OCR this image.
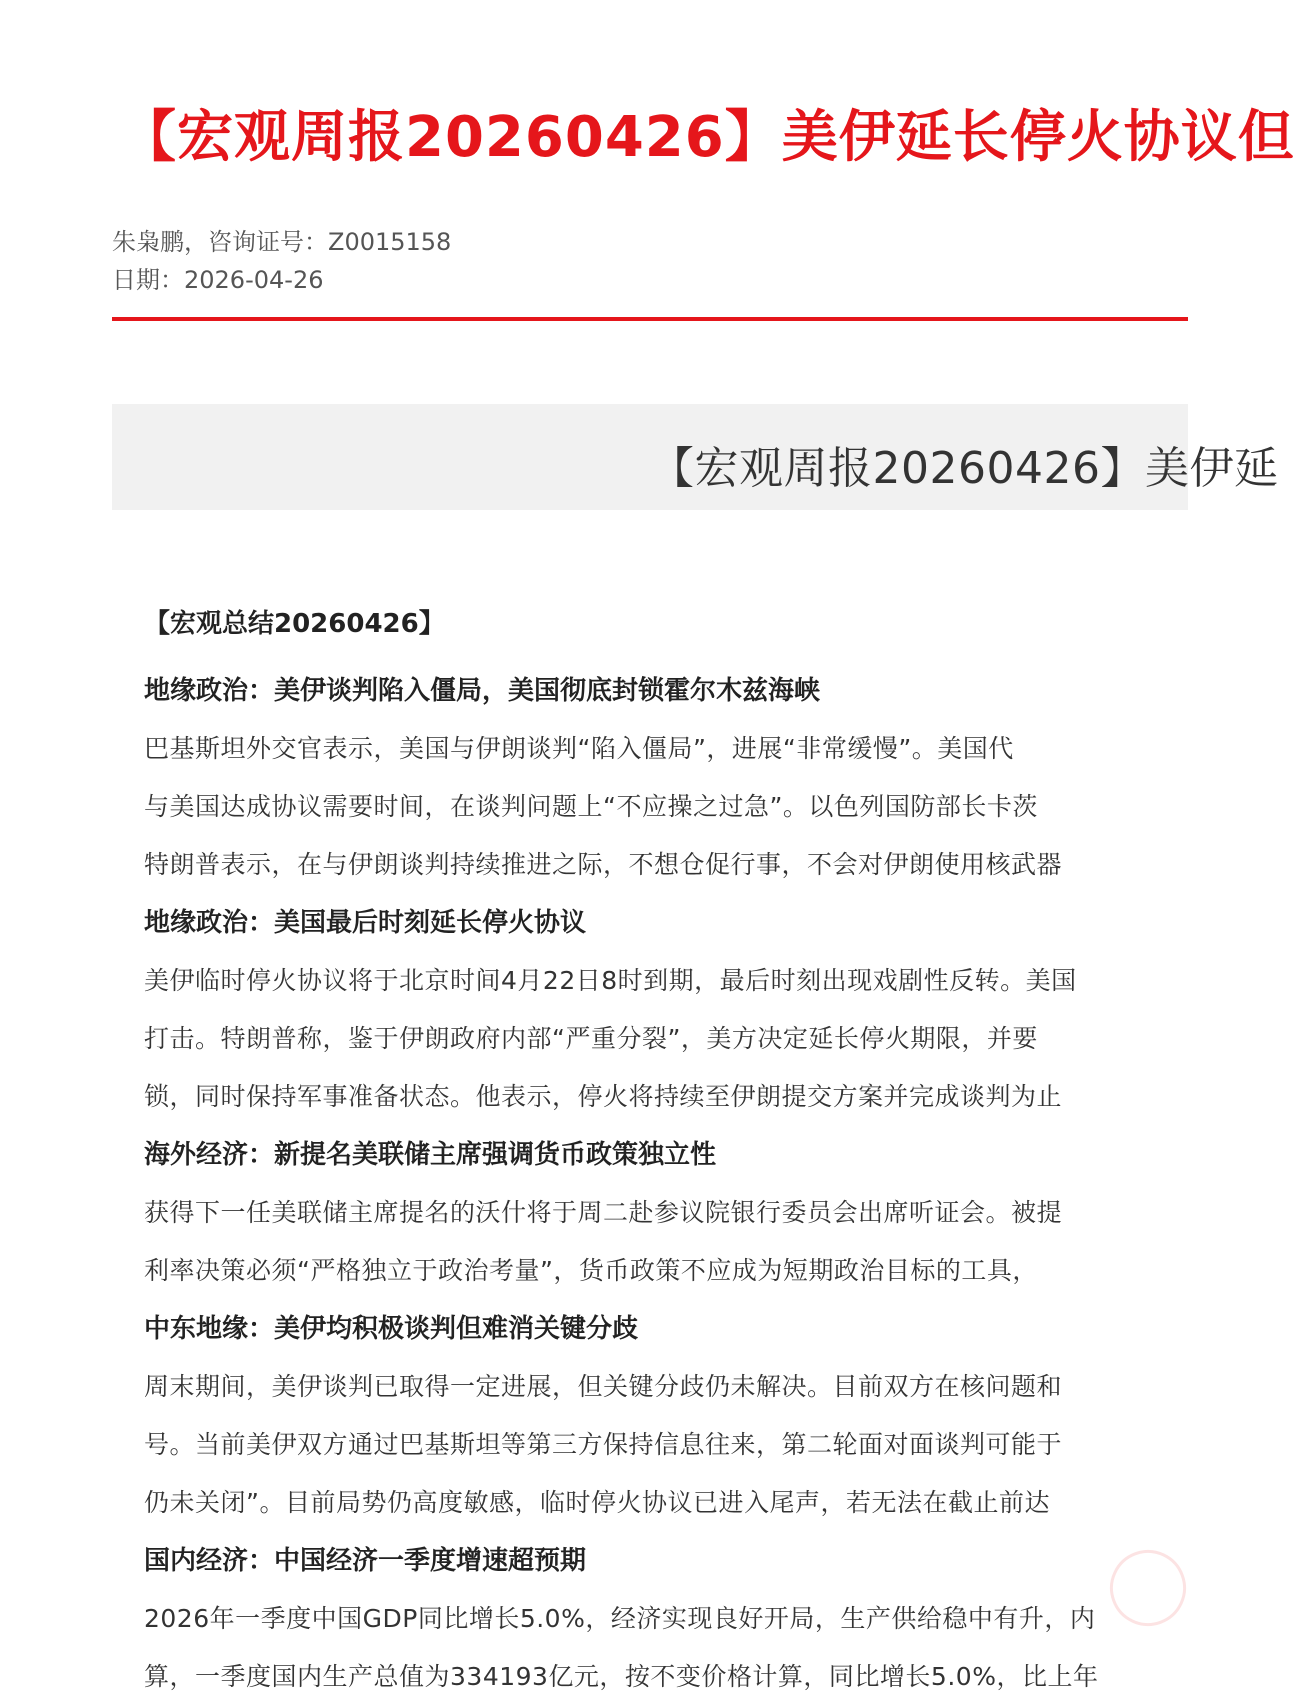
【宏观周报20260426】美伊延长停火协议但
朱枭鹏，咨询证号：Z0015158
日期：2026-04-26
【宏观周报20260426】美伊延
【宏观总结20260426】
地缘政治：美伊谈判陷入僵局，美国彻底封锁霍尔木兹海峡
巴基斯坦外交官表示，美国与伊朗谈判“陷入僵局”，进展“非常缓慢”。美国代
与美国达成协议需要时间，在谈判问题上“不应操之过急”。以色列国防部长卡茨
特朗普表示，在与伊朗谈判持续推进之际，不想仓促行事，不会对伊朗使用核武器
地缘政治：美国最后时刻延长停火协议
美伊临时停火协议将于北京时间4月22日8时到期，最后时刻出现戏剧性反转。美国
打击。特朗普称，鉴于伊朗政府内部“严重分裂”，美方决定延长停火期限，并要
锁，同时保持军事准备状态。他表示，停火将持续至伊朗提交方案并完成谈判为止
海外经济：新提名美联储主席强调货币政策独立性
获得下一任美联储主席提名的沃什将于周二赴参议院银行委员会出席听证会。被提
利率决策必须“严格独立于政治考量”，货币政策不应成为短期政治目标的工具，
中东地缘：美伊均积极谈判但难消关键分歧
周末期间，美伊谈判已取得一定进展，但关键分歧仍未解决。目前双方在核问题和
号。当前美伊双方通过巴基斯坦等第三方保持信息往来，第二轮面对面谈判可能于
仍未关闭”。目前局势仍高度敏感，临时停火协议已进入尾声，若无法在截止前达
国内经济：中国经济一季度增速超预期
2026年一季度中国GDP同比增长5.0%，经济实现良好开局，生产供给稳中有升，内
算，一季度国内生产总值为334193亿元，按不变价格计算，同比增长5.0%，比上年
